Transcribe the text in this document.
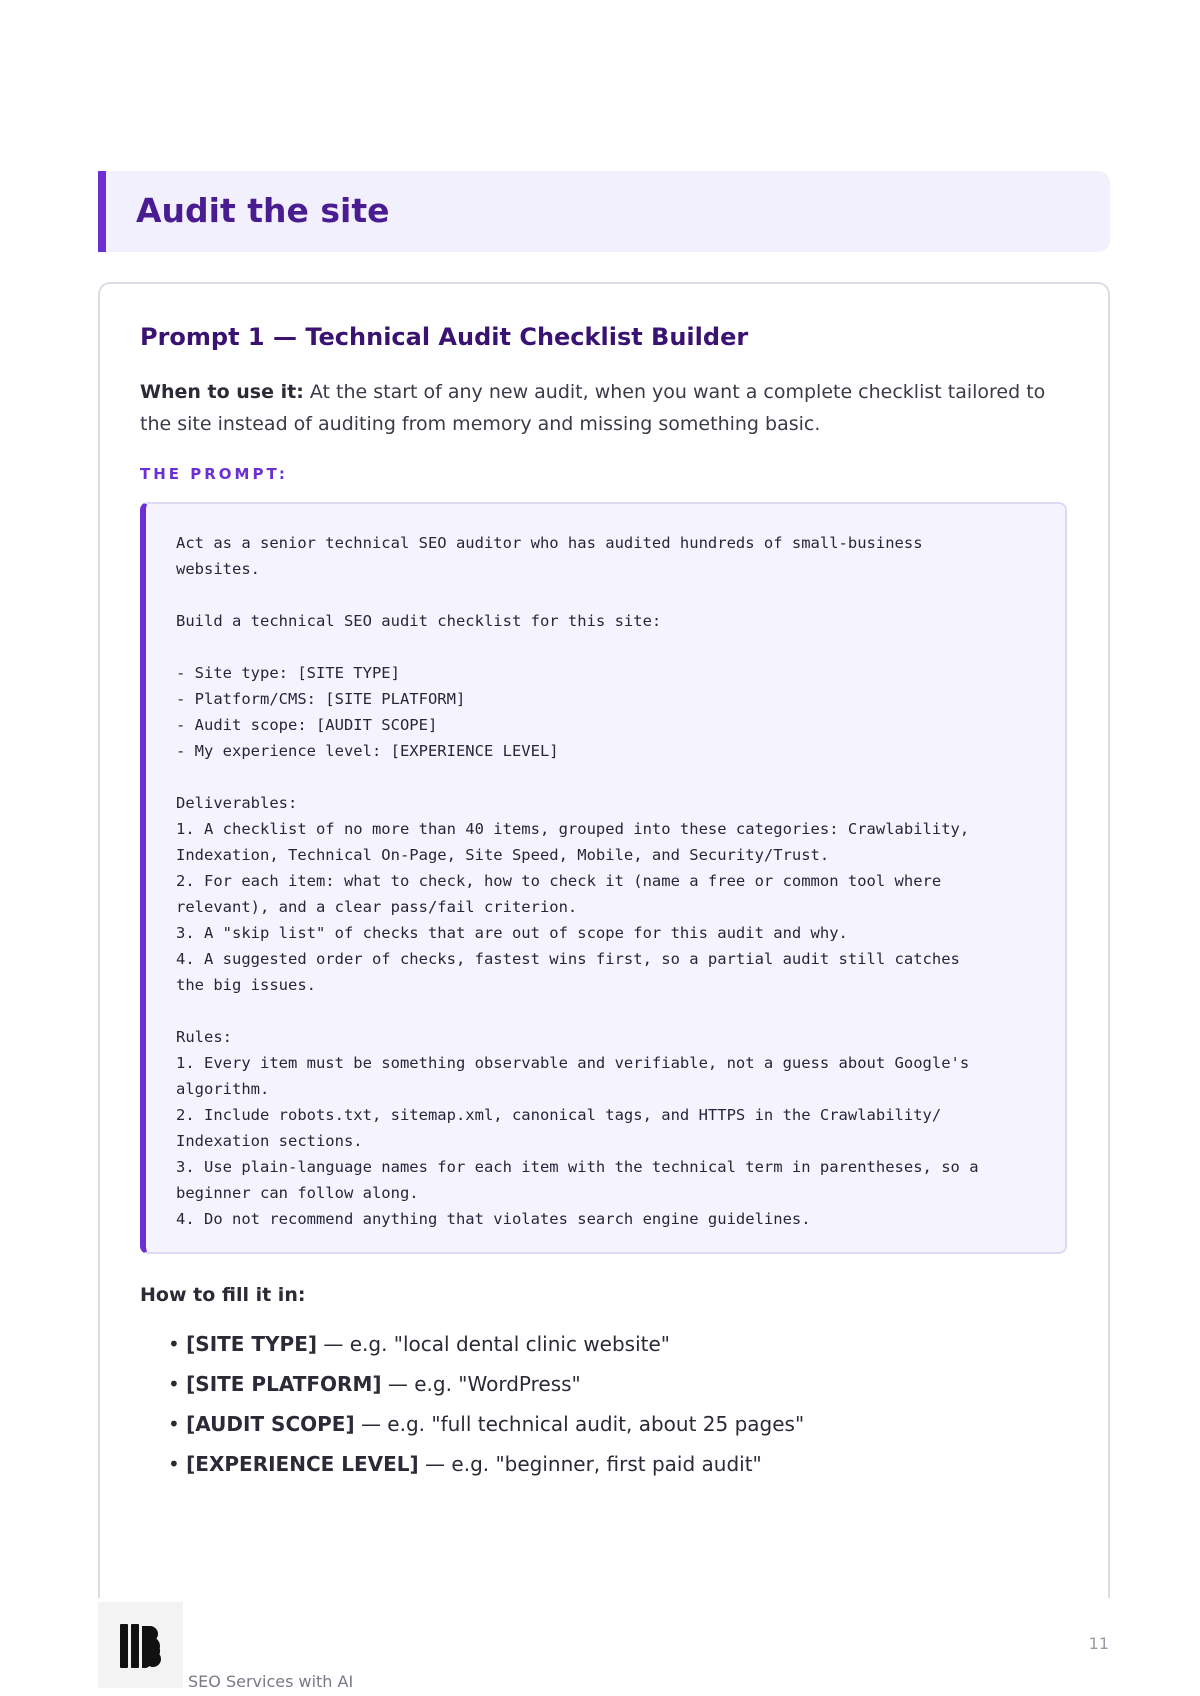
Audit the site
Prompt 1 — Technical Audit Checklist Builder

When to use it: At the start of any new audit, when you want a complete checklist tailored to the site instead of auditing from memory and missing something basic.

THE PROMPT:
Act as a senior technical SEO auditor who has audited hundreds of small-business
websites.

Build a technical SEO audit checklist for this site:

- Site type: [SITE TYPE]
- Platform/CMS: [SITE PLATFORM]
- Audit scope: [AUDIT SCOPE]
- My experience level: [EXPERIENCE LEVEL]

Deliverables:
1. A checklist of no more than 40 items, grouped into these categories: Crawlability,
Indexation, Technical On-Page, Site Speed, Mobile, and Security/Trust.
2. For each item: what to check, how to check it (name a free or common tool where
relevant), and a clear pass/fail criterion.
3. A "skip list" of checks that are out of scope for this audit and why.
4. A suggested order of checks, fastest wins first, so a partial audit still catches
the big issues.

Rules:
1. Every item must be something observable and verifiable, not a guess about Google's
algorithm.
2. Include robots.txt, sitemap.xml, canonical tags, and HTTPS in the Crawlability/
Indexation sections.
3. Use plain-language names for each item with the technical term in parentheses, so a
beginner can follow along.
4. Do not recommend anything that violates search engine guidelines.
How to fill it in:
• [SITE TYPE] — e.g. "local dental clinic website"
• [SITE PLATFORM] — e.g. "WordPress"
• [AUDIT SCOPE] — e.g. "full technical audit, about 25 pages"
• [EXPERIENCE LEVEL] — e.g. "beginner, first paid audit"
SEO Services with AI
11
